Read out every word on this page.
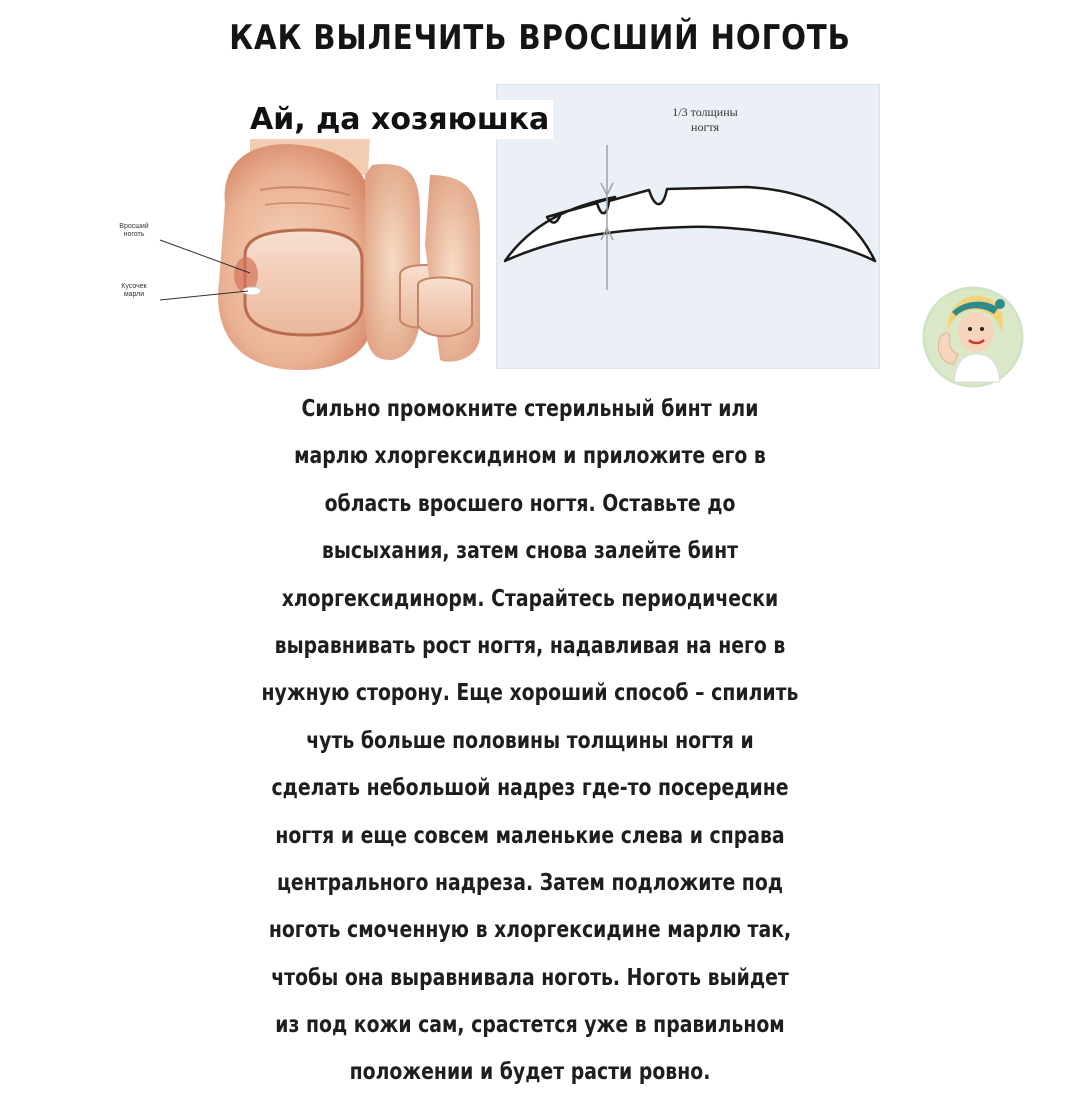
КАК ВЫЛЕЧИТЬ ВРОСШИЙ НОГОТЬ
Ай, да хозяюшка
Вросший
ноготь
Кусочек
марли
1/3 толщины
ногтя
Сильно промокните стерильный бинт или
марлю хлоргексидином и приложите его в
область вросшего ногтя. Оставьте до
высыхания, затем снова залейте бинт
хлоргексидинорм. Старайтесь периодически
выравнивать рост ногтя, надавливая на него в
нужную сторону. Еще хороший способ – спилить
чуть больше половины толщины ногтя и
сделать небольшой надрез где-то посередине
ногтя и еще совсем маленькие слева и справа
центрального надреза. Затем подложите под
ноготь смоченную в хлоргексидине марлю так,
чтобы она выравнивала ноготь. Ноготь выйдет
из под кожи сам, срастется уже в правильном
положении и будет расти ровно.
